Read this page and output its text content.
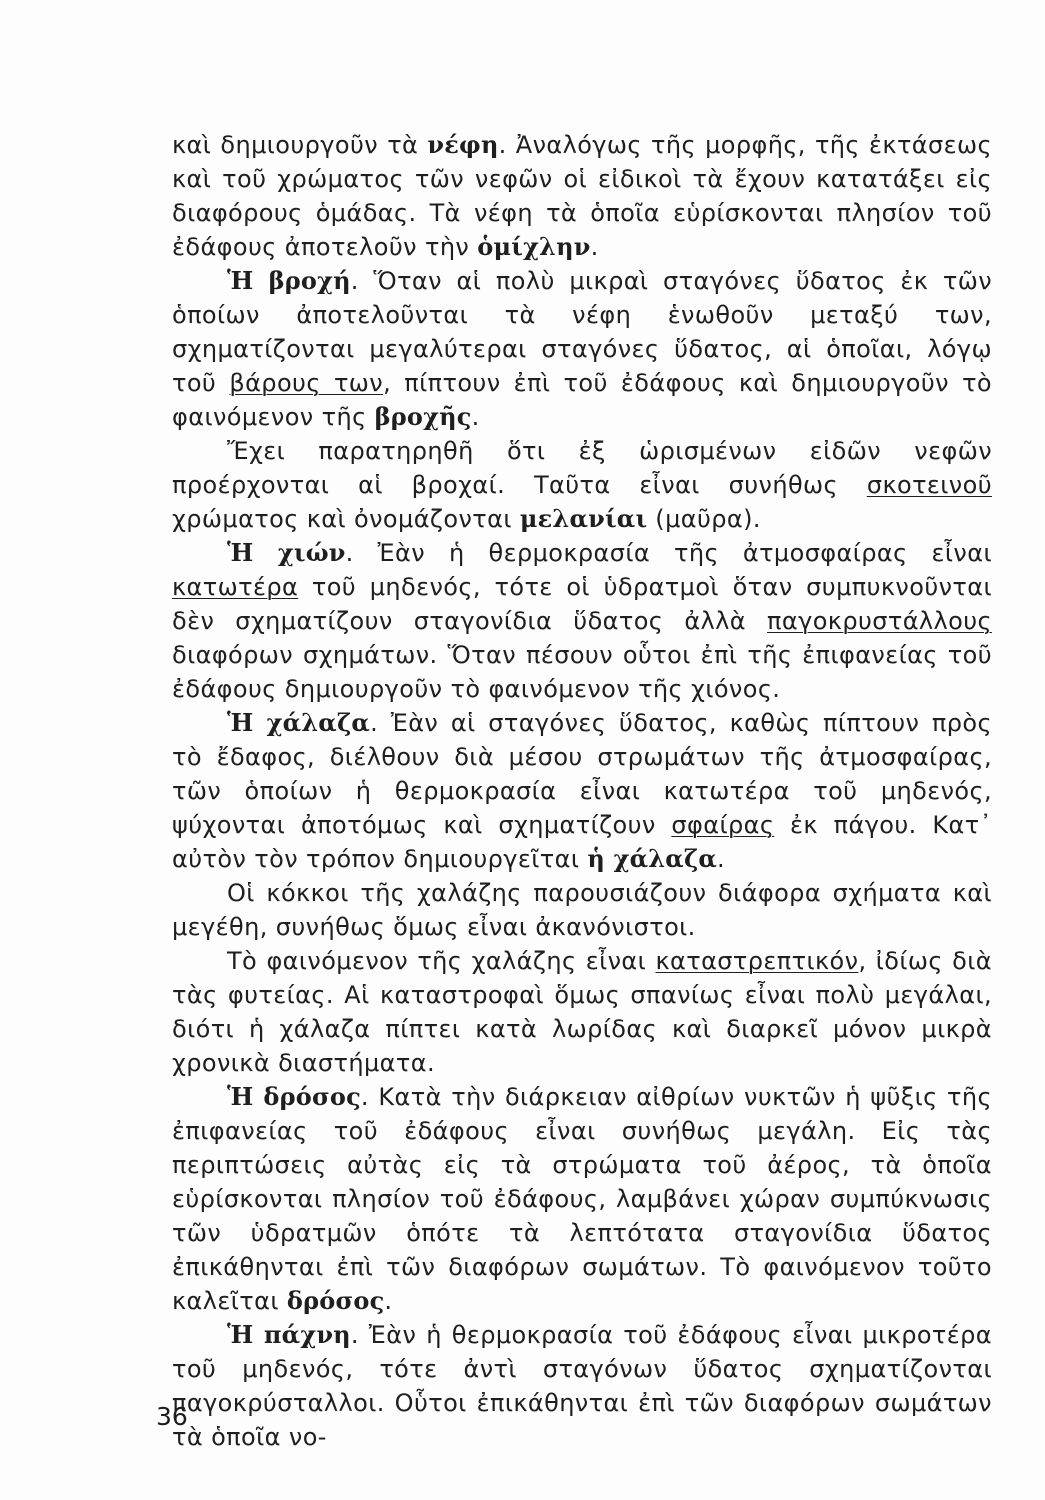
καὶ δημιουργοῦν τὰ νέφη. Ἀναλόγως τῆς μορφῆς, τῆς ἐκτάσεως καὶ τοῦ χρώματος τῶν νεφῶν οἱ εἰδικοὶ τὰ ἔχουν κατατάξει εἰς διαφόρους ὁμάδας. Τὰ νέφη τὰ ὁποῖα εὑρίσκονται πλησίον τοῦ ἐδάφους ἀποτελοῦν τὴν ὁμίχλην.

Ἡ βροχή. Ὅταν αἱ πολὺ μικραὶ σταγόνες ὕδατος ἐκ τῶν ὁποίων ἀποτελοῦνται τὰ νέφη ἑνωθοῦν μεταξύ των, σχηματίζονται μεγαλύτεραι σταγόνες ὕδατος, αἱ ὁποῖαι, λόγῳ τοῦ βάρους των, πίπτουν ἐπὶ τοῦ ἐδάφους καὶ δημιουργοῦν τὸ φαινόμενον τῆς βροχῆς.

Ἔχει παρατηρηθῆ ὅτι ἐξ ὡρισμένων εἰδῶν νεφῶν προέρχονται αἱ βροχαί. Ταῦτα εἶναι συνήθως σκοτεινοῦ χρώματος καὶ ὀνομάζονται μελανίαι (μαῦρα).

Ἡ χιών. Ἐὰν ἡ θερμοκρασία τῆς ἀτμοσφαίρας εἶναι κατωτέρα τοῦ μηδενός, τότε οἱ ὑδρατμοὶ ὅταν συμπυκνοῦνται δὲν σχηματίζουν σταγονίδια ὕδατος ἀλλὰ παγοκρυστάλλους διαφόρων σχημάτων. Ὅταν πέσουν οὗτοι ἐπὶ τῆς ἐπιφανείας τοῦ ἐδάφους δημιουργοῦν τὸ φαινόμενον τῆς χιόνος.

Ἡ χάλαζα. Ἐὰν αἱ σταγόνες ὕδατος, καθὼς πίπτουν πρὸς τὸ ἔδαφος, διέλθουν διὰ μέσου στρωμάτων τῆς ἀτμοσφαίρας, τῶν ὁποίων ἡ θερμοκρασία εἶναι κατωτέρα τοῦ μηδενός, ψύχονται ἀποτόμως καὶ σχηματίζουν σφαίρας ἐκ πάγου. Κατ᾽ αὐτὸν τὸν τρόπον δημιουργεῖται ἡ χάλαζα.

Οἱ κόκκοι τῆς χαλάζης παρουσιάζουν διάφορα σχήματα καὶ μεγέθη, συνήθως ὅμως εἶναι ἀκανόνιστοι.

Τὸ φαινόμενον τῆς χαλάζης εἶναι καταστρεπτικόν, ἰδίως διὰ τὰς φυτείας. Αἱ καταστροφαὶ ὅμως σπανίως εἶναι πολὺ μεγάλαι, διότι ἡ χάλαζα πίπτει κατὰ λωρίδας καὶ διαρκεῖ μόνον μικρὰ χρονικὰ διαστήματα.

Ἡ δρόσος. Κατὰ τὴν διάρκειαν αἰθρίων νυκτῶν ἡ ψῦξις τῆς ἐπιφανείας τοῦ ἐδάφους εἶναι συνήθως μεγάλη. Εἰς τὰς περιπτώσεις αὐτὰς εἰς τὰ στρώματα τοῦ ἀέρος, τὰ ὁποῖα εὑρίσκονται πλησίον τοῦ ἐδάφους, λαμβάνει χώραν συμπύκνωσις τῶν ὑδρατμῶν ὁπότε τὰ λεπτότατα σταγονίδια ὕδατος ἐπικάθηνται ἐπὶ τῶν διαφόρων σωμάτων. Τὸ φαινόμενον τοῦτο καλεῖται δρόσος.

Ἡ πάχνη. Ἐὰν ἡ θερμοκρασία τοῦ ἐδάφους εἶναι μικροτέρα τοῦ μηδενός, τότε ἀντὶ σταγόνων ὕδατος σχηματίζονται παγοκρύσταλλοι. Οὗτοι ἐπικάθηνται ἐπὶ τῶν διαφόρων σωμάτων τὰ ὁποῖα νο-

36
